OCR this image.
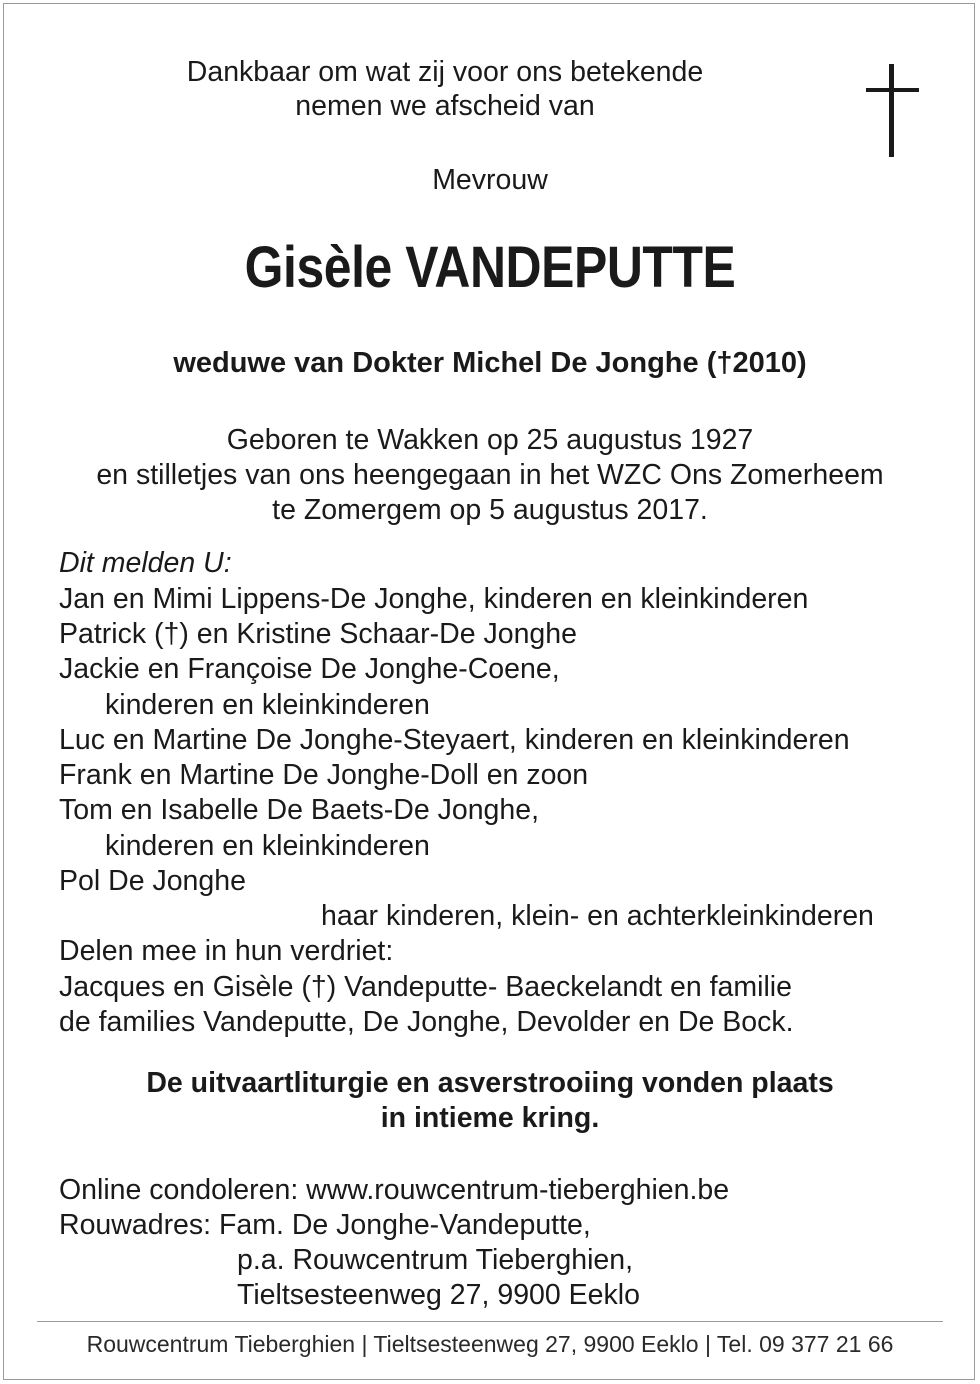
Dankbaar om wat zij voor ons betekende
nemen we afscheid van
Mevrouw
Gisèle VANDEPUTTE
weduwe van Dokter Michel De Jonghe (†2010)
Geboren te Wakken op 25 augustus 1927
en stilletjes van ons heengegaan in het WZC Ons Zomerheem
te Zomergem op 5 augustus 2017.
Dit melden U:
Jan en Mimi Lippens-De Jonghe, kinderen en kleinkinderen
Patrick (†) en Kristine Schaar-De Jonghe
Jackie en Françoise De Jonghe-Coene,
kinderen en kleinkinderen
Luc en Martine De Jonghe-Steyaert, kinderen en kleinkinderen
Frank en Martine De Jonghe-Doll en zoon
Tom en Isabelle De Baets-De Jonghe,
kinderen en kleinkinderen
Pol De Jonghe
haar kinderen, klein- en achterkleinkinderen
Delen mee in hun verdriet:
Jacques en Gisèle (†) Vandeputte- Baeckelandt en familie
de families Vandeputte, De Jonghe, Devolder en De Bock.
De uitvaartliturgie en asverstrooiing vonden plaats
in intieme kring.
Online condoleren: www.rouwcentrum-tieberghien.be
Rouwadres: Fam. De Jonghe-Vandeputte,
p.a. Rouwcentrum Tieberghien,
Tieltsesteenweg 27, 9900 Eeklo
Rouwcentrum Tieberghien | Tieltsesteenweg 27, 9900 Eeklo | Tel. 09 377 21 66
